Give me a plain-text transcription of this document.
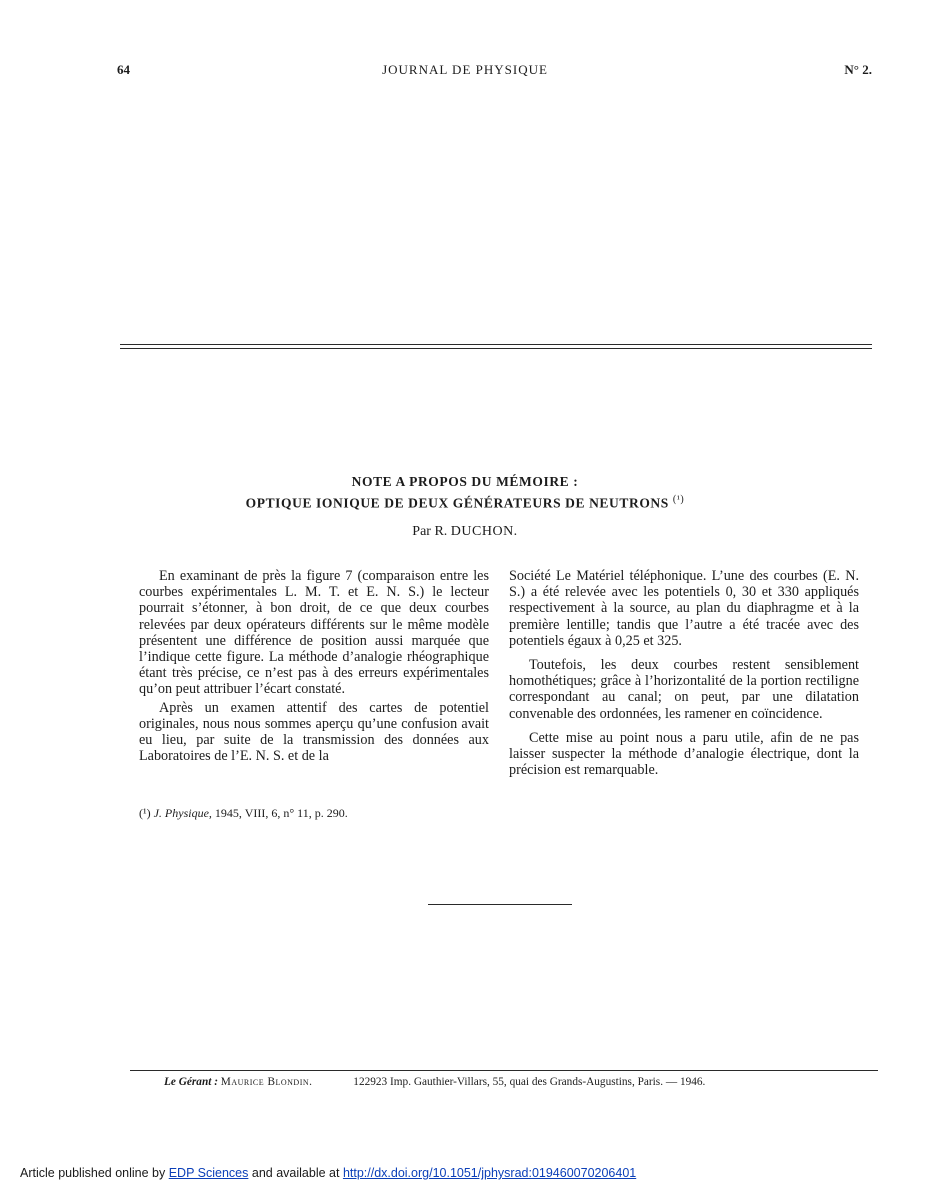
64	JOURNAL DE PHYSIQUE	N° 2.
NOTE A PROPOS DU MÉMOIRE :
OPTIQUE IONIQUE DE DEUX GÉNÉRATEURS DE NEUTRONS $^{(^1)}$
Par R. DUCHON.

En examinant de près la figure 7 (comparaison entre les courbes expérimentales L. M. T. et E. N. S.) le lecteur pourrait s’étonner, à bon droit, de ce que deux courbes relevées par deux opérateurs différents sur le même modèle présentent une différence de position aussi marquée que l’indique cette figure. La méthode d’analogie rhéographique étant très précise, ce n’est pas à des erreurs expérimentales qu’on peut attribuer l’écart constaté.

Après un examen attentif des cartes de potentiel originales, nous nous sommes aperçu qu’une confusion avait eu lieu, par suite de la transmission des données aux Laboratoires de l’E. N. S. et de la

Société Le Matériel téléphonique. L’une des courbes (E. N. S.) a été relevée avec les potentiels 0, 30 et 330 appliqués respectivement à la source, au plan du diaphragme et à la première lentille; tandis que l’autre a été tracée avec des potentiels égaux à 0,25 et 325.

Toutefois, les deux courbes restent sensiblement homothétiques; grâce à l’horizontalité de la portion rectiligne correspondant au canal; on peut, par une dilatation convenable des ordonnées, les ramener en coïncidence.

Cette mise au point nous a paru utile, afin de ne pas laisser suspecter la méthode d’analogie électrique, dont la précision est remarquable.

(¹) J. Physique, 1945, VIII, 6, n° 11, p. 290.
Le Gérant : Maurice Blondin.	122923 Imp. Gauthier-Villars, 55, quai des Grands-Augustins, Paris. — 1946.
Article published online by EDP Sciences and available at http://dx.doi.org/10.1051/jphysrad:019460070206401
